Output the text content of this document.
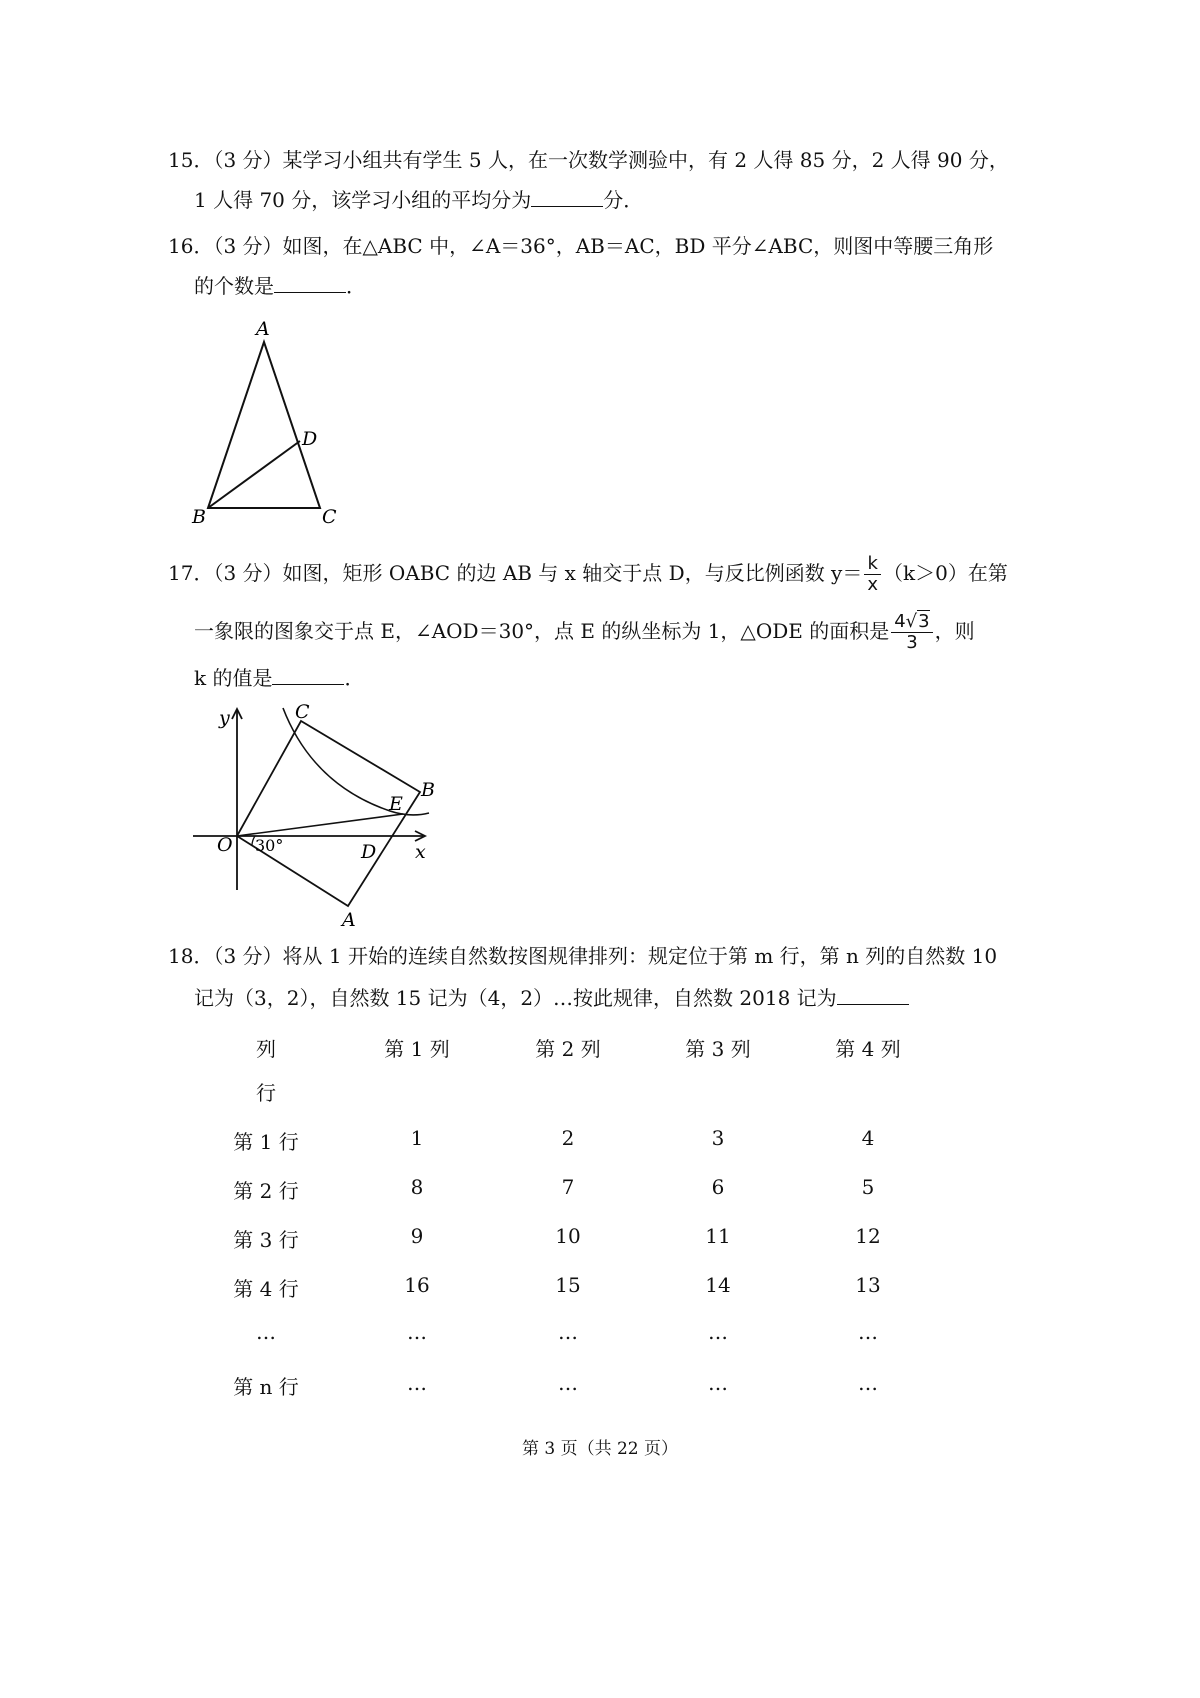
15．（3 分）某学习小组共有学生 5 人，在一次数学测验中，有 2 人得 85 分，2 人得 90 分，
1 人得 70 分，该学习小组的平均分为	分．
16．（3 分）如图，在△ABC 中，∠A＝36°，AB＝AC，BD 平分∠ABC，则图中等腰三角形
的个数是	．
A
D
B	C
17．（3 分）如图，矩形 OABC 的边 AB 与 x 轴交于点 D，与反比例函数 $y= \frac{k}{x} (k>0)$在第
一象限的图象交于点 E，∠AOD＝30°，点 E 的纵坐标为 1，△ODE 的面积是 $\frac{4√3}{3}$ ，则
k 的值是	．
y	C
B
E
O 30°	D x
A
18．（3 分）将从 1 开始的连续自然数按图规律排列：规定位于第 m 行，第 n 列的自然数 10
记为（3，2），自然数 15 记为（4，2）…按此规律，自然数 2018 记为
列
行
第 1 列	第 2 列	第 3 列	第 4 列
第 1 行	1	2	3	4
第 2 行	8	7	6	5
第 3 行	9	10	11	12
第 4 行	16	15	14	13
…	…	…	…	…
第 n 行	…	…	…	…
第 3 页（共 22 页）
